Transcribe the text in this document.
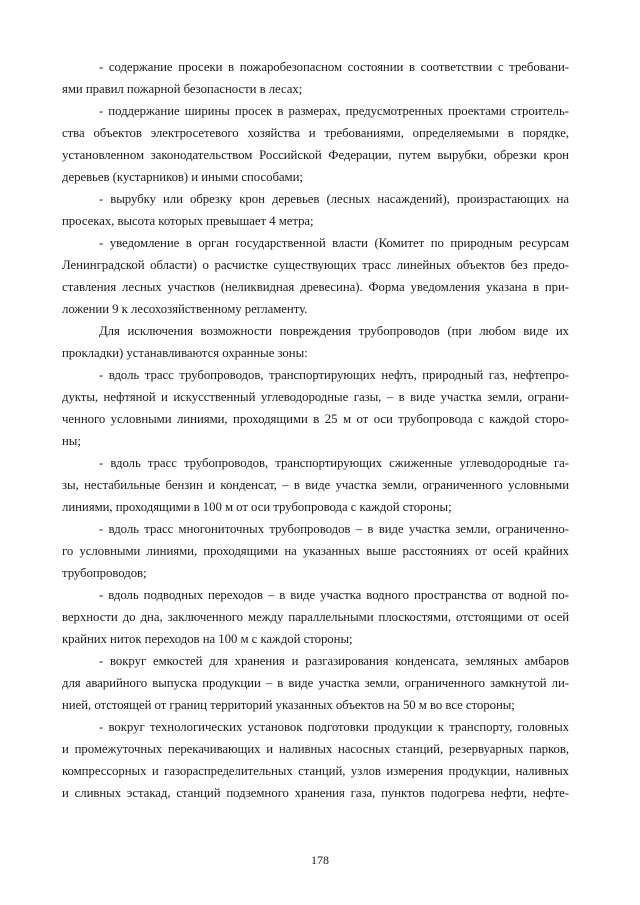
- содержание просеки в пожаробезопасном состоянии в соответствии с требовани-
ями правил пожарной безопасности в лесах;
- поддержание ширины просек в размерах, предусмотренных проектами строитель-
ства объектов электросетевого хозяйства и требованиями, определяемыми в порядке,
установленном законодательством Российской Федерации, путем вырубки, обрезки крон
деревьев (кустарников) и иными способами;
- вырубку или обрезку крон деревьев (лесных насаждений), произрастающих на
просеках, высота которых превышает 4 метра;
- уведомление в орган государственной власти (Комитет по природным ресурсам
Ленинградской области) о расчистке существующих трасс линейных объектов без предо-
ставления лесных участков (неликвидная древесина). Форма уведомления указана в при-
ложении 9 к лесохозяйственному регламенту.
Для исключения возможности повреждения трубопроводов (при любом виде их
прокладки) устанавливаются охранные зоны:
- вдоль трасс трубопроводов, транспортирующих нефть, природный газ, нефтепро-
дукты, нефтяной и искусственный углеводородные газы, – в виде участка земли, ограни-
ченного условными линиями, проходящими в 25 м от оси трубопровода с каждой сторо-
ны;
- вдоль трасс трубопроводов, транспортирующих сжиженные углеводородные га-
зы, нестабильные бензин и конденсат, – в виде участка земли, ограниченного условными
линиями, проходящими в 100 м от оси трубопровода с каждой стороны;
- вдоль трасс многониточных трубопроводов – в виде участка земли, ограниченно-
го условными линиями, проходящими на указанных выше расстояниях от осей крайних
трубопроводов;
- вдоль подводных переходов – в виде участка водного пространства от водной по-
верхности до дна, заключенного между параллельными плоскостями, отстоящими от осей
крайних ниток переходов на 100 м с каждой стороны;
- вокруг емкостей для хранения и разгазирования конденсата, земляных амбаров
для аварийного выпуска продукции – в виде участка земли, ограниченного замкнутой ли-
нией, отстоящей от границ территорий указанных объектов на 50 м во все стороны;
- вокруг технологических установок подготовки продукции к транспорту, головных
и промежуточных перекачивающих и наливных насосных станций, резервуарных парков,
компрессорных и газораспределительных станций, узлов измерения продукции, наливных
и сливных эстакад, станций подземного хранения газа, пунктов подогрева нефти, нефте-
178
